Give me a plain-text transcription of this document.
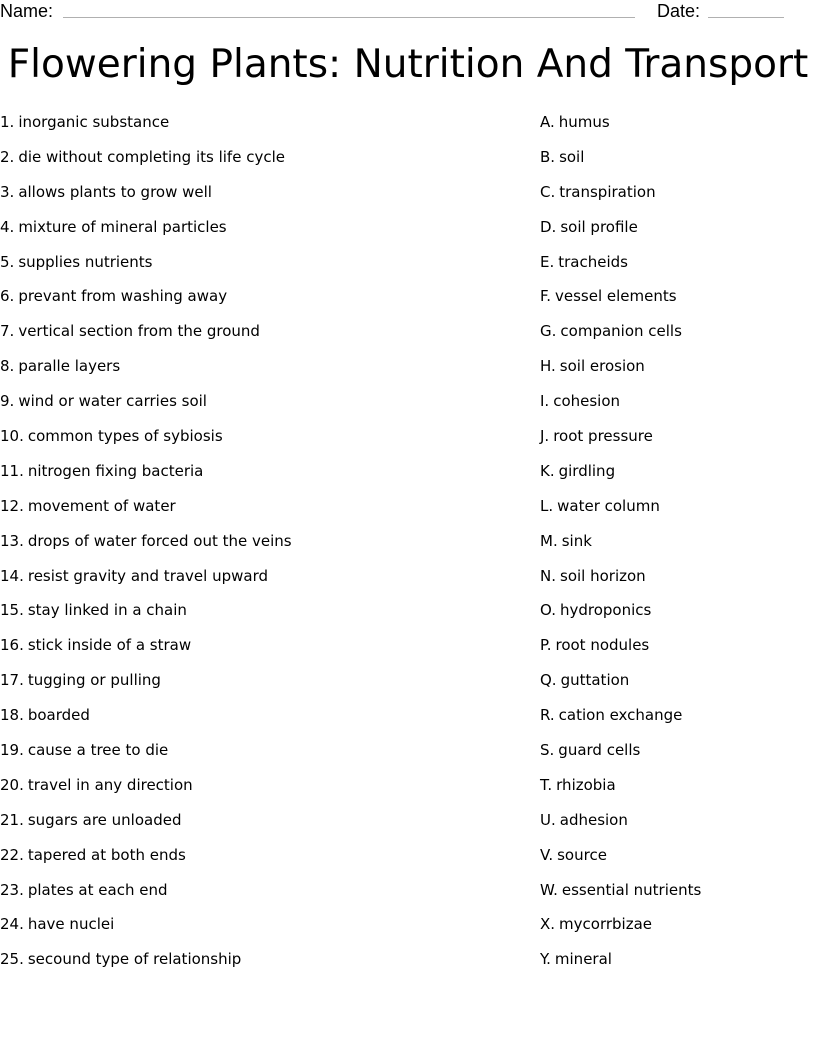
Name:	Date:
Flowering Plants: Nutrition And Transport
1. inorganic substance
2. die without completing its life cycle
3. allows plants to grow well
4. mixture of mineral particles
5. supplies nutrients
6. prevant from washing away
7. vertical section from the ground
8. paralle layers
9. wind or water carries soil
10. common types of sybiosis
11. nitrogen fixing bacteria
12. movement of water
13. drops of water forced out the veins
14. resist gravity and travel upward
15. stay linked in a chain
16. stick inside of a straw
17. tugging or pulling
18. boarded
19. cause a tree to die
20. travel in any direction
21. sugars are unloaded
22. tapered at both ends
23. plates at each end
24. have nuclei
25. secound type of relationship
A. humus
B. soil
C. transpiration
D. soil profile
E. tracheids
F. vessel elements
G. companion cells
H. soil erosion
I. cohesion
J. root pressure
K. girdling
L. water column
M. sink
N. soil horizon
O. hydroponics
P. root nodules
Q. guttation
R. cation exchange
S. guard cells
T. rhizobia
U. adhesion
V. source
W. essential nutrients
X. mycorrbizae
Y. mineral
